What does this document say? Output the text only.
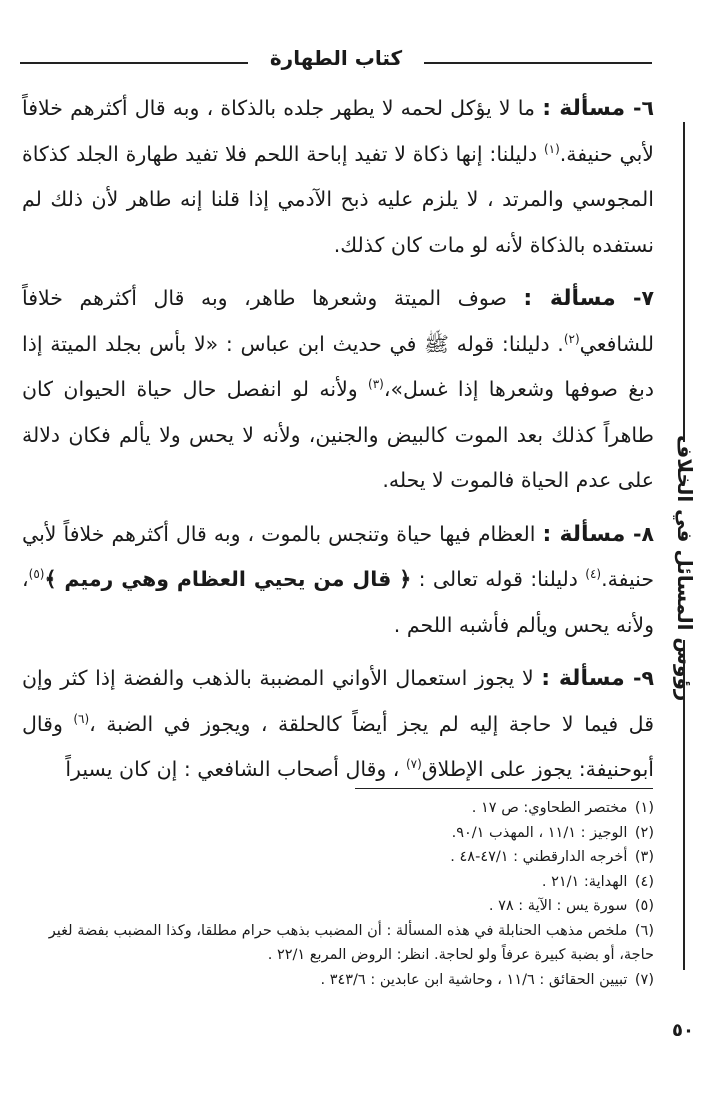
كتاب الطهارة
رؤوس المسائل في الخلاف

٦- مسألة : ما لا يؤكل لحمه لا يطهر جلده بالذكاة ، وبه قال أكثرهم خلافاً لأبي حنيفة.$^{(١)}$ دليلنا: إنها ذكاة لا تفيد إباحة اللحم فلا تفيد طهارة الجلد كذكاة المجوسي والمرتد ، لا يلزم عليه ذبح الآدمي إذا قلنا إنه طاهر لأن ذلك لم نستفده بالذكاة لأنه لو مات كان كذلك.

٧- مسألة : صوف الميتة وشعرها طاهر، وبه قال أكثرهم خلافاً للشافعي$^{(٢)}$. دليلنا: قوله ﷺ في حديث ابن عباس : «لا بأس بجلد الميتة إذا دبغ صوفها وشعرها إذا غسل»،$^{(٣)}$ ولأنه لو انفصل حال حياة الحيوان كان طاهراً كذلك بعد الموت كالبيض والجنين، ولأنه لا يحس ولا يألم فكان دلالة على عدم الحياة فالموت لا يحله.

٨- مسألة : العظام فيها حياة وتنجس بالموت ، وبه قال أكثرهم خلافاً لأبي حنيفة.$^{(٤)}$ دليلنا: قوله تعالى : ﴿ قال من يحيي العظام وهي رميم ﴾$^{(٥)}$، ولأنه يحس ويألم فأشبه اللحم .

٩- مسألة : لا يجوز استعمال الأواني المضببة بالذهب والفضة إذا كثر وإن قل فيما لا حاجة إليه لم يجز أيضاً كالحلقة ، ويجوز في الضبة ،$^{(٦)}$ وقال أبوحنيفة: يجوز على الإطلاق$^{(٧)}$ ، وقال أصحاب الشافعي : إن كان يسيراً

(١) مختصر الطحاوي: ص ١٧ .
(٢) الوجيز : ١١/١ ، المهذب ٩٠/١.
(٣) أخرجه الدارقطني : ٤٧/١-٤٨ .
(٤) الهداية: ٢١/١ .
(٥) سورة يس : الآية : ٧٨ .
(٦) ملخص مذهب الحنابلة في هذه المسألة : أن المضبب بذهب حرام مطلقا، وكذا المضبب بفضة لغير حاجة، أو بضبة كبيرة عرفاً ولو لحاجة. انظر: الروض المربع ٢٢/١ .
(٧) تبيين الحقائق : ١١/٦ ، وحاشية ابن عابدين : ٣٤٣/٦ .
٥٠
